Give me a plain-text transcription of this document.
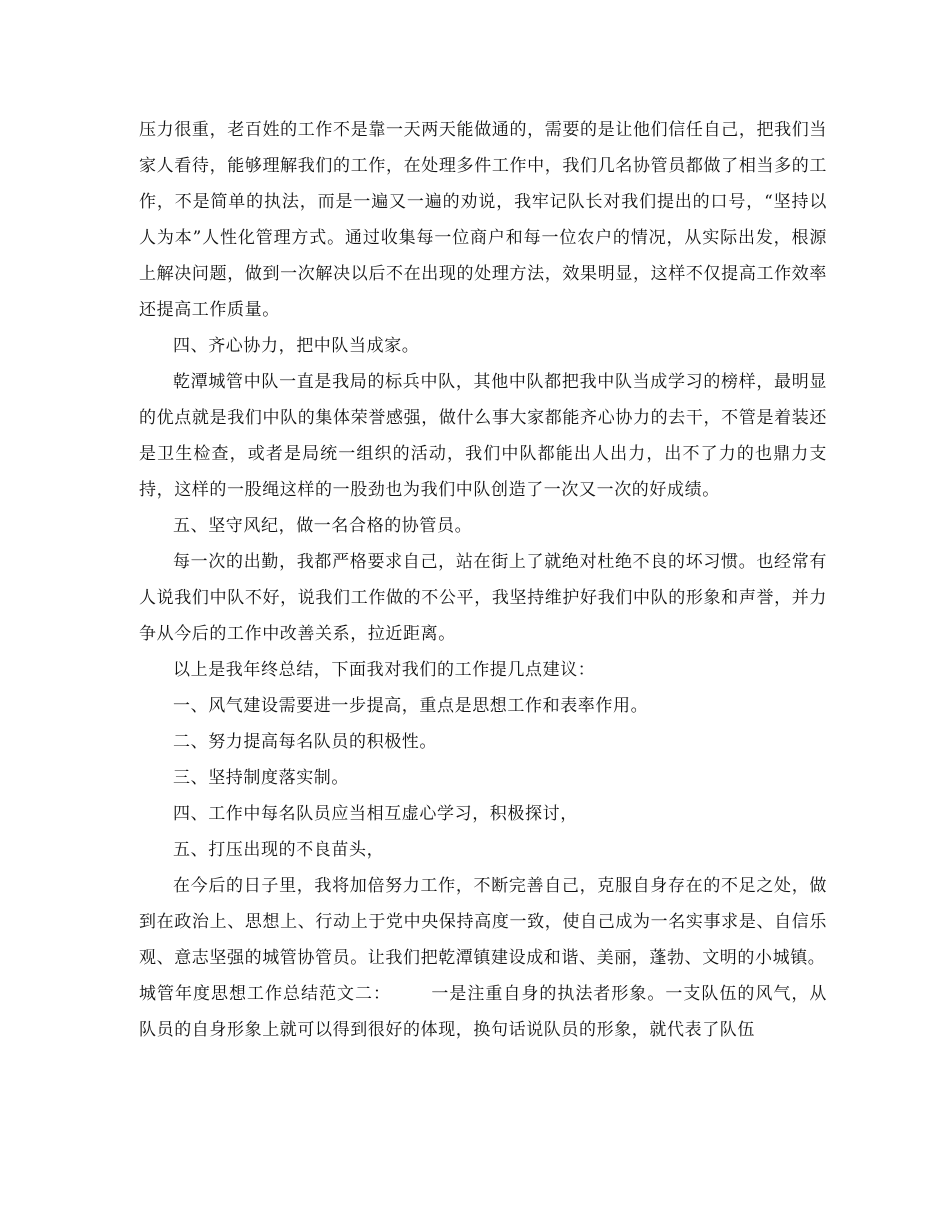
压力很重，老百姓的工作不是靠一天两天能做通的，需要的是让他们信任自己，把我们当家人看待，能够理解我们的工作，在处理多件工作中，我们几名协管员都做了相当多的工作，不是简单的执法，而是一遍又一遍的劝说，我牢记队长对我们提出的口号，“坚持以人为本”人性化管理方式。通过收集每一位商户和每一位农户的情况，从实际出发，根源上解决问题，做到一次解决以后不在出现的处理方法，效果明显，这样不仅提高工作效率还提高工作质量。

四、齐心协力，把中队当成家。

乾潭城管中队一直是我局的标兵中队，其他中队都把我中队当成学习的榜样，最明显的优点就是我们中队的集体荣誉感强，做什么事大家都能齐心协力的去干，不管是着装还是卫生检查，或者是局统一组织的活动，我们中队都能出人出力，出不了力的也鼎力支持，这样的一股绳这样的一股劲也为我们中队创造了一次又一次的好成绩。

五、坚守风纪，做一名合格的协管员。

每一次的出勤，我都严格要求自己，站在街上了就绝对杜绝不良的坏习惯。也经常有人说我们中队不好，说我们工作做的不公平，我坚持维护好我们中队的形象和声誉，并力争从今后的工作中改善关系，拉近距离。

以上是我年终总结，下面我对我们的工作提几点建议：

一、风气建设需要进一步提高，重点是思想工作和表率作用。

二、努力提高每名队员的积极性。

三、坚持制度落实制。

四、工作中每名队员应当相互虚心学习，积极探讨，

五、打压出现的不良苗头，

在今后的日子里，我将加倍努力工作，不断完善自己，克服自身存在的不足之处，做到在政治上、思想上、行动上于党中央保持高度一致，使自己成为一名实事求是、自信乐观、意志坚强的城管协管员。让我们把乾潭镇建设成和谐、美丽，蓬勃、文明的小城镇。

城管年度思想工作总结范文二： 一是注重自身的执法者形象。一支队伍的风气，从队员的自身形象上就可以得到很好的体现，换句话说队员的形象，就代表了队伍
